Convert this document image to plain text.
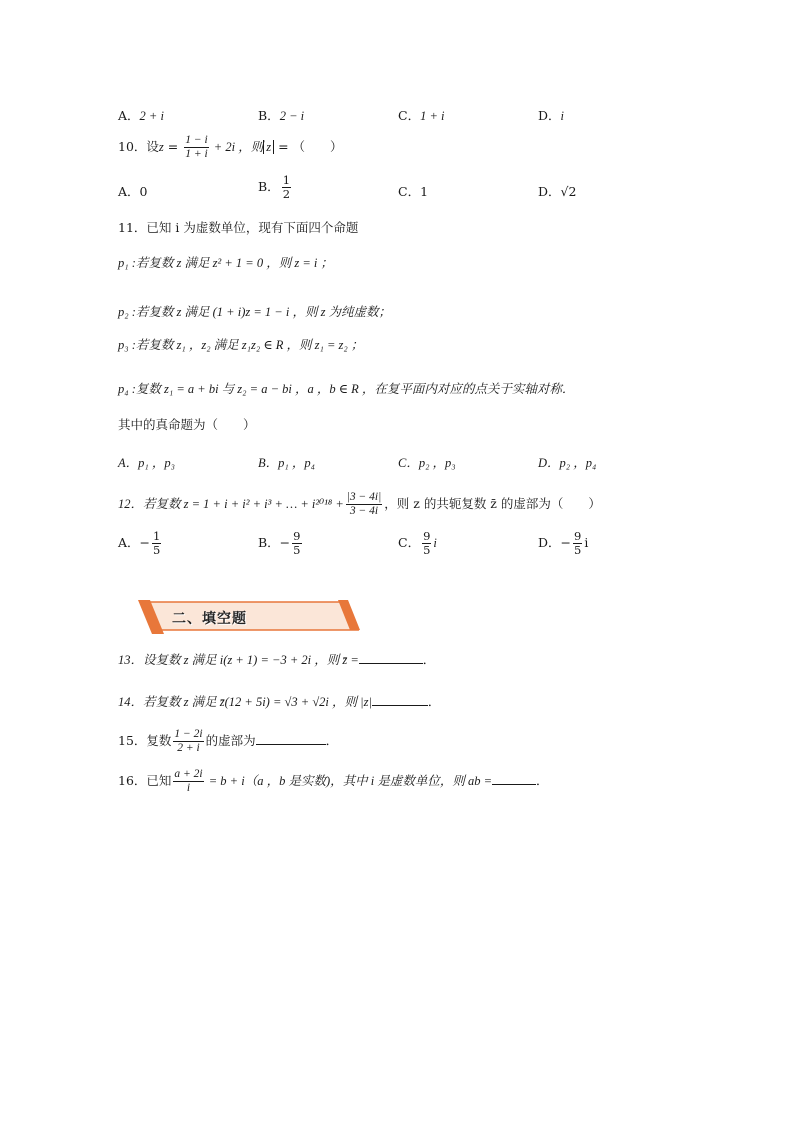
A．2 + i	B．2 − i	C．1 + i	D．i
10．设$z = \frac{1 - i}{1 + i} + 2i$ ，则 z = （　　）
A．0	B． $\frac{1}{2}$	C．1	D．√2
11．已知 i 为虚数单位，现有下面四个命题
p₁ :若复数 z 满足 z² + 1 = 0 ，则 z = i ；
p₂ :若复数 z 满足 (1 + i)z = 1 − i ，则 z 为纯虚数；
p₃ :若复数 z₁ ，z₂ 满足 z₁z₂ ∈ R ，则 z₁ = z₂ ；
p₄ :复数 z₁ = a + bi 与 z₂ = a − bi ，a ，b ∈ R ，在复平面内对应的点关于实轴对称．
其中的真命题为（　　）
A．p₁ ，p₃	B．p₁ ，p₄	C．p₂ ，p₃	D．p₂ ，p₄
12．若复数 z = 1 + i + i² + i³ + … + $i^{2018} + \frac{|3 - 4i|}{3 - 4i}$ ，则 z 的共轭复数 z̄ 的虚部为（　　）
A．− $\frac{1}{5}$	B．− $\frac{9}{5}$	C． $\frac{9}{5}$ i	D．− $\frac{9}{5}$ i
二、填空题
13．设复数 z 满足 i(z + 1) = −3 + 2i ，则 z̄ =	．
14．若复数 z 满足 z̄(12 + 5i) = √3 + √2i ，则 |z|	．
15．复数 $\frac{1 - 2i}{2 + i}$ 的虚部为	．
16．已知 $\frac{a + 2i}{i} = b + i(a$ ，b 是实数)，其中 i 是虚数单位，则 ab =	．
